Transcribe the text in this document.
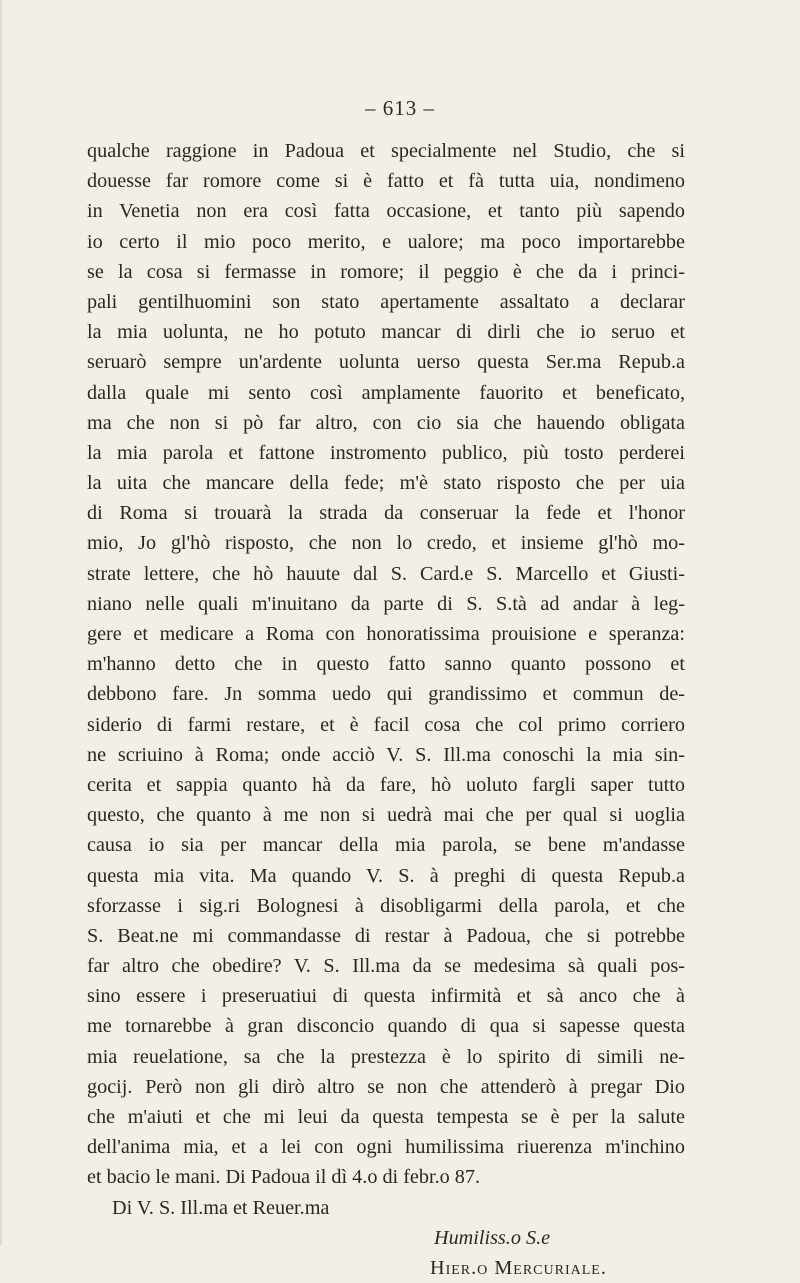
– 613 –
qualche raggione in Padoua et specialmente nel Studio, che si
douesse far romore come si è fatto et fà tutta uia, nondimeno
in Venetia non era così fatta occasione, et tanto più sapendo
io certo il mio poco merito, e ualore; ma poco importarebbe
se la cosa si fermasse in romore; il peggio è che da i princi-
pali gentilhuomini son stato apertamente assaltato a declarar
la mia uolunta, ne ho potuto mancar di dirli che io seruo et
seruarò sempre un'ardente uolunta uerso questa Ser.ma Repub.a
dalla quale mi sento così amplamente fauorito et beneficato,
ma che non si pò far altro, con cio sia che hauendo obligata
la mia parola et fattone instromento publico, più tosto perderei
la uita che mancare della fede; m'è stato risposto che per uia
di Roma si trouarà la strada da conseruar la fede et l'honor
mio, Jo gl'hò risposto, che non lo credo, et insieme gl'hò mo-
strate lettere, che hò hauute dal S. Card.e S. Marcello et Giusti-
niano nelle quali m'inuitano da parte di S. S.tà ad andar à leg-
gere et medicare a Roma con honoratissima prouisione e speranza:
m'hanno detto che in questo fatto sanno quanto possono et
debbono fare. Jn somma uedo qui grandissimo et commun de-
siderio di farmi restare, et è facil cosa che col primo corriero
ne scriuino à Roma; onde acciò V. S. Ill.ma conoschi la mia sin-
cerita et sappia quanto hà da fare, hò uoluto fargli saper tutto
questo, che quanto à me non si uedrà mai che per qual si uoglia
causa io sia per mancar della mia parola, se bene m'andasse
questa mia vita. Ma quando V. S. à preghi di questa Repub.a
sforzasse i sig.ri Bolognesi à disobligarmi della parola, et che
S. Beat.ne mi commandasse di restar à Padoua, che si potrebbe
far altro che obedire? V. S. Ill.ma da se medesima sà quali pos-
sino essere i preseruatiui di questa infirmità et sà anco che à
me tornarebbe à gran disconcio quando di qua si sapesse questa
mia reuelatione, sa che la prestezza è lo spirito di simili ne-
gocij. Però non gli dirò altro se non che attenderò à pregar Dio
che m'aiuti et che mi leui da questa tempesta se è per la salute
dell'anima mia, et a lei con ogni humilissima riuerenza m'inchino
et bacio le mani. Di Padoua il dì 4.o di febr.o 87.
Di V. S. Ill.ma et Reuer.ma
Humiliss.o S.e
Hier.o Mercuriale.
